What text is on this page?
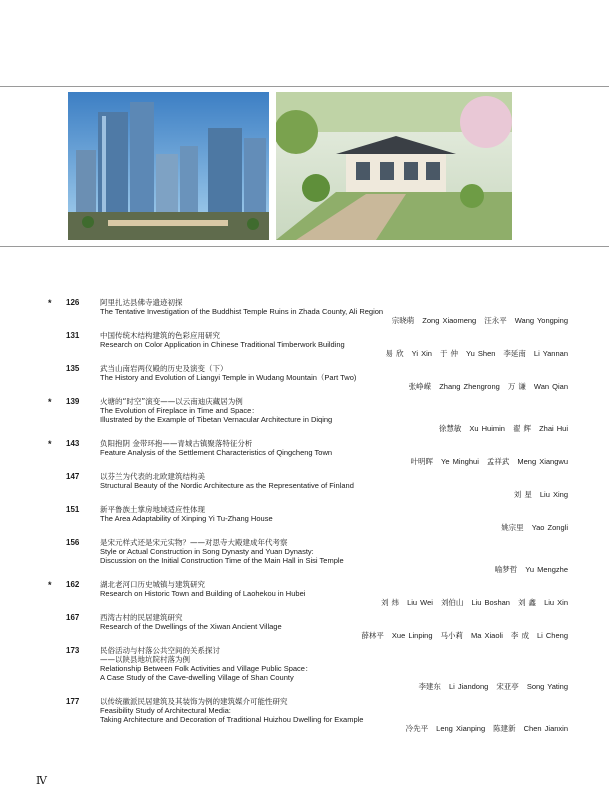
* 126	阿里扎达县佛寺遗迹初探
The Tentative Investigation of the Buddhist Temple Ruins in Zhada County, Ali Region
宗晓萌 Zong Xiaomeng 汪永平 Wang Yongping
131	中国传统木结构建筑的色彩应用研究
Research on Color Application in Chinese Traditional Timberwork Building
易 欣 Yi Xin 于 仲 Yu Shen 李延南 Li Yannan
135	武当山南岩两仪殿的历史及演变（下）
The History and Evolution of Liangyi Temple in Wudang Mountain（Part Two)
张峥嵘 Zhang Zhengrong 万 谦 Wan Qian
* 139	火塘的“时空”演变——以云南迪庆藏居为例
The Evolution of Fireplace in Time and Space：
Illustrated by the Example of Tibetan Vernacular Architecture in Diqing
徐慧敏 Xu Huimin 翟 辉 Zhai Hui
* 143	负阳抱阴 金带环抱——青城古镇聚落特征分析
Feature Analysis of the Settlement Characteristics of Qingcheng Town
叶明晖 Ye Minghui 孟祥武 Meng Xiangwu
147	以芬兰为代表的北欧建筑结构美
Structural Beauty of the Nordic Architecture as the Representative of Finland
刘 星 Liu Xing
151	新平鲁族土掌房地域适应性体现
The Area Adaptability of Xinping Yi Tu-Zhang House
姚宗里 Yao Zongli
156	是宋元样式还是宋元实物？——对思寺大殿建成年代考察
Style or Actual Construction in Song Dynasty and Yuan Dynasty:
Discussion on the Initial Construction Time of the Main Hall in Sisi Temple
喻梦哲 Yu Mengzhe
* 162	湖北老河口历史城镇与建筑研究
Research on Historic Town and Building of Laohekou in Hubei
刘 炜 Liu Wei 刘伯山 Liu Boshan 刘 鑫 Liu Xin
167	西湾古村的民居建筑研究
Research of the Dwellings of the Xiwan Ancient Village
薛林平 Xue Linping 马小莉 Ma Xiaoli 李 成 Li Cheng
173	民俗活动与村落公共空间的关系探讨
——以陕县地坑院村落为例
Relationship Between Folk Activities and Village Public Space：
A Case Study of the Cave-dwelling Village of Shan County
李建东 Li Jiandong 宋亚亭 Song Yating
177	以传统徽派民居建筑及其装饰为例的建筑媒介可能性研究
Feasibility Study of Architectural Media:
Taking Architecture and Decoration of Traditional Huizhou Dwelling for Example
冷先平 Leng Xianping 陈建新 Chen Jianxin
Ⅳ
